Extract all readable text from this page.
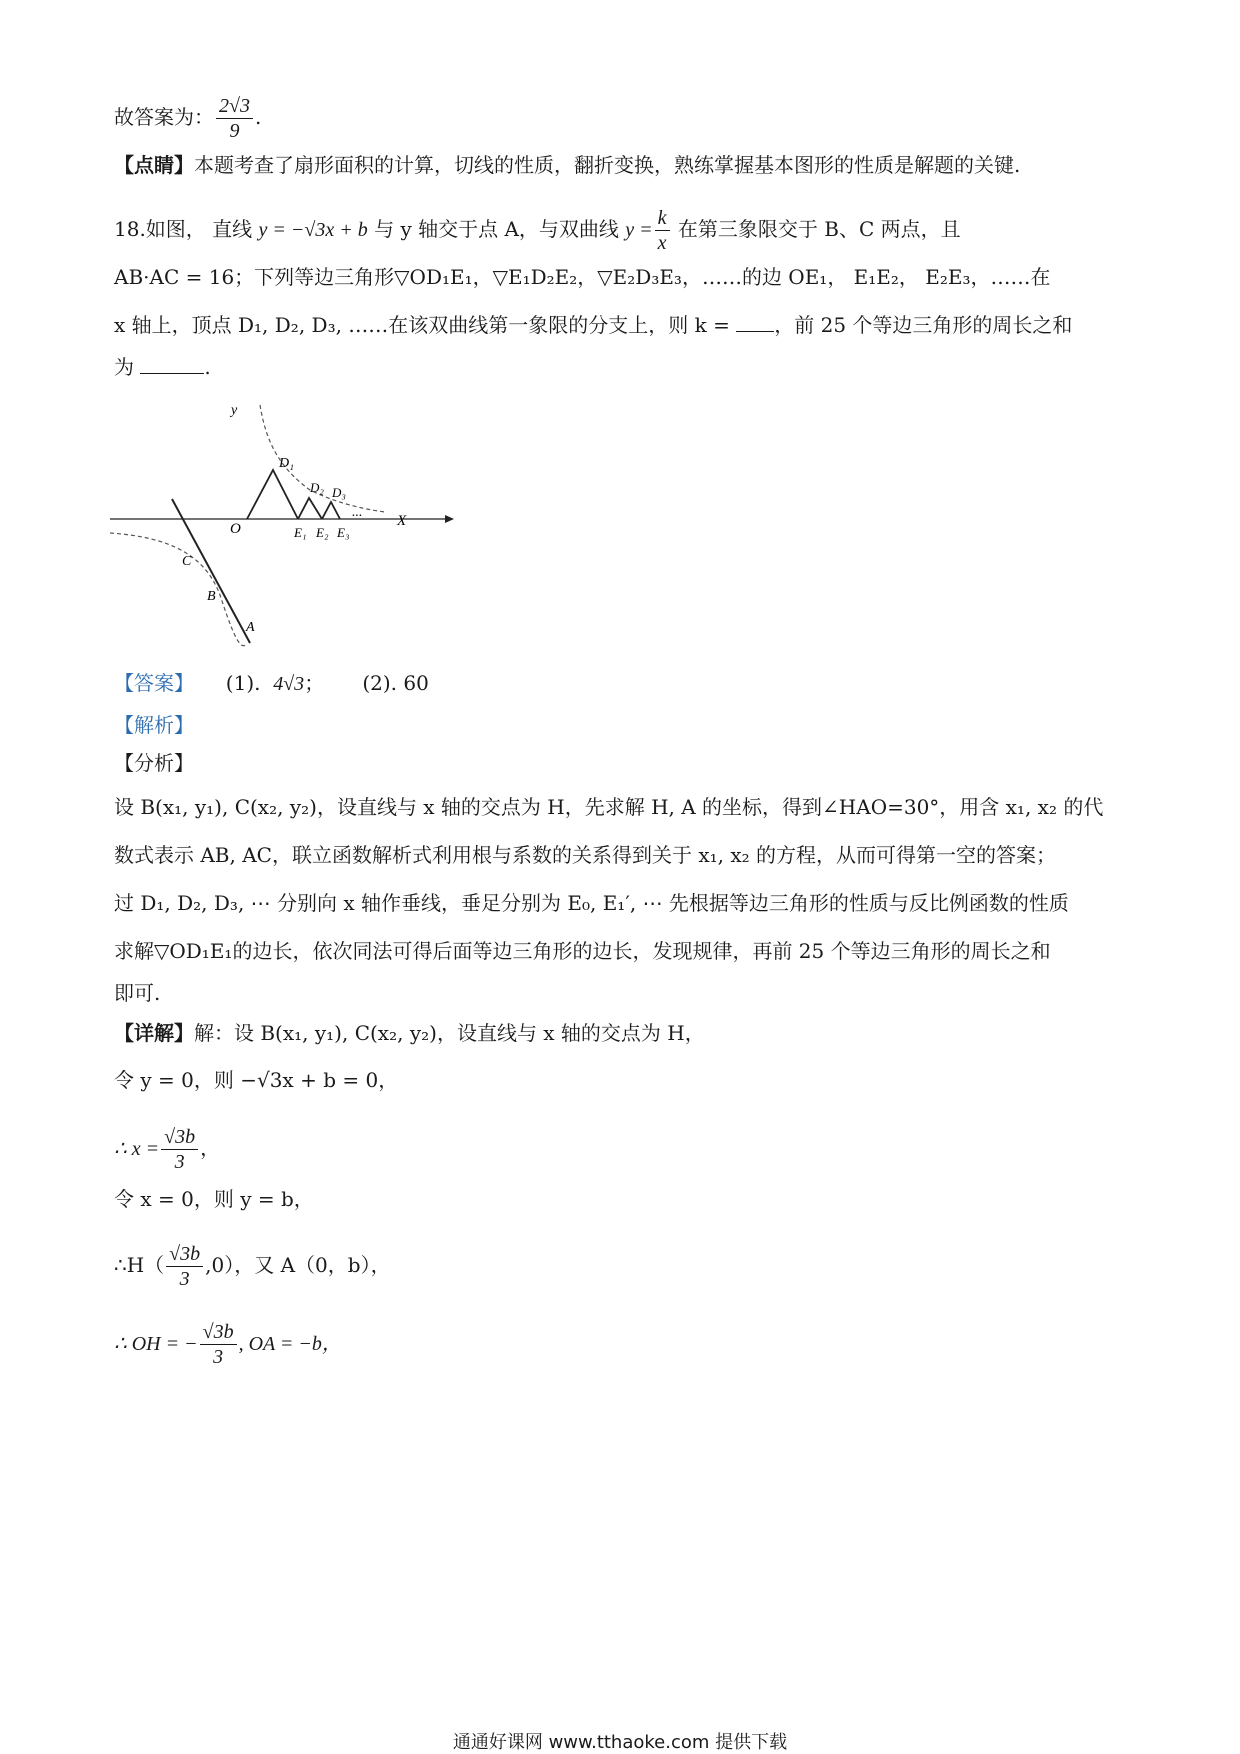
故答案为： $\frac{2√3}{9}$ .
【点睛】本题考查了扇形面积的计算，切线的性质，翻折变换，熟练掌握基本图形的性质是解题的关键.
18.如图， 直线 y = −√3x + b 与 y 轴交于点 A，与双曲线 $y = \frac{k}{x}$ 在第三象限交于 B、C 两点，且
AB·AC = 16；下列等边三角形▽OD₁E₁，▽E₁D₂E₂，▽E₂D₃E₃，……的边 OE₁， E₁E₂， E₂E₃，……在
x 轴上，顶点 D₁, D₂, D₃, ……在该双曲线第一象限的分支上，则 k = ，前 25 个等边三角形的周长之和
为	.
y
X
O
D₁
D₂ D₃
E₁ E₂ E₃
C
B
A
...
【答案】 (1). 4√3； (2). 60
【解析】
【分析】
设 B(x₁, y₁), C(x₂, y₂)，设直线与 x 轴的交点为 H，先求解 H, A 的坐标，得到∠HAO=30°，用含 x₁, x₂ 的代
数式表示 AB, AC，联立函数解析式利用根与系数的关系得到关于 x₁, x₂ 的方程，从而可得第一空的答案；
过 D₁, D₂, D₃, ⋯ 分别向 x 轴作垂线，垂足分别为 E₀, E₁′, ⋯ 先根据等边三角形的性质与反比例函数的性质
求解▽OD₁E₁的边长，依次同法可得后面等边三角形的边长，发现规律，再前 25 个等边三角形的周长之和
即可.
【详解】解：设 B(x₁, y₁), C(x₂, y₂)，设直线与 x 轴的交点为 H，
令 y = 0，则 −√3x + b = 0，
∴ $x = \frac{√3b}{3}$ ，
令 x = 0，则 y = b，
∴H（ $\frac{√3b}{3} ,0$），又 A（0，b），
∴ OH = − $\frac{√3b}{3}$ , OA = −b，
通通好课网 www.tthaoke.com 提供下载
